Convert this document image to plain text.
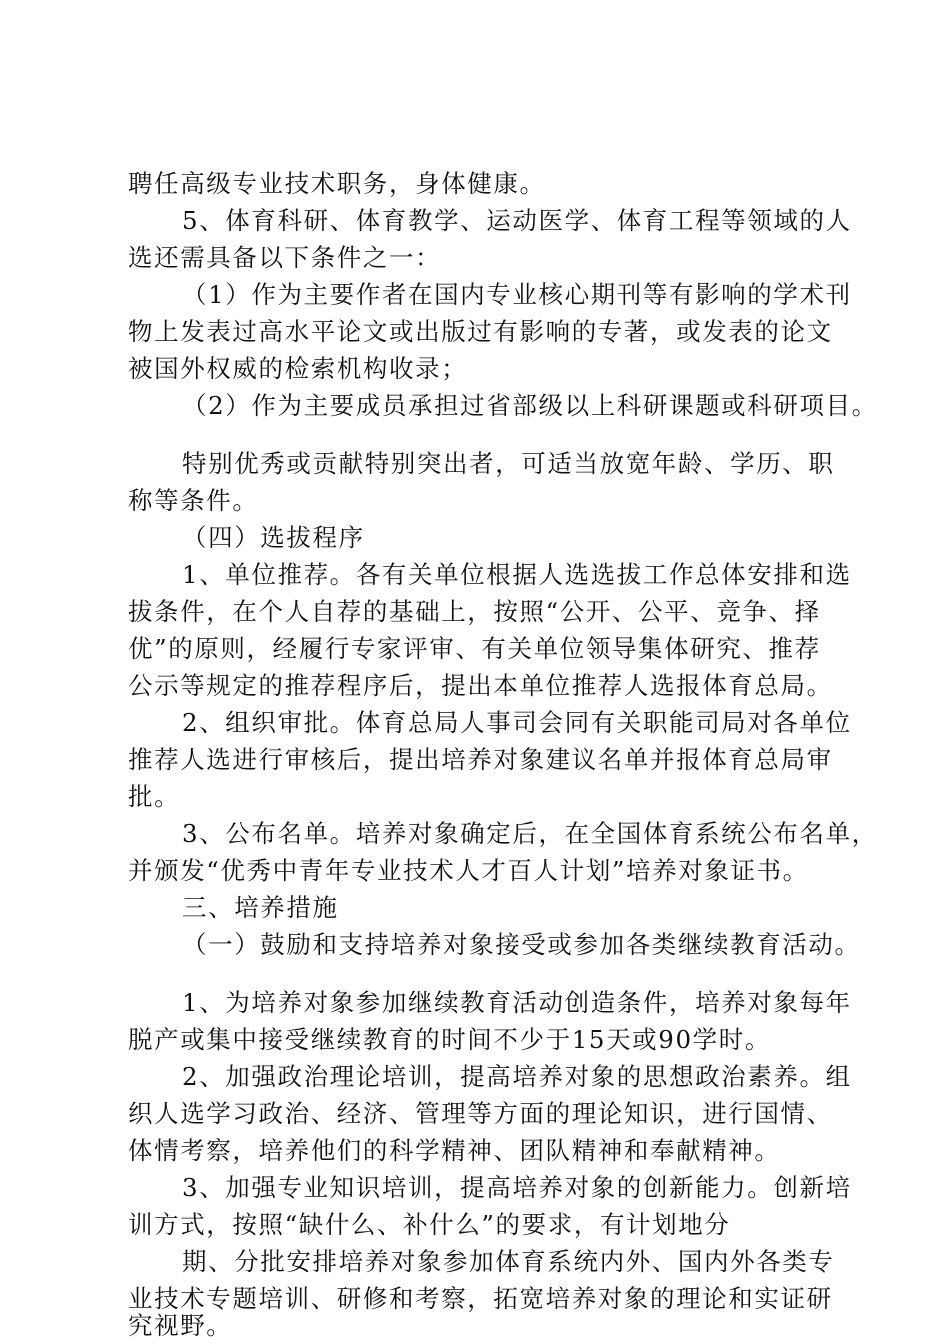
聘任高级专业技术职务，身体健康。
5、体育科研、体育教学、运动医学、体育工程等领域的人
选还需具备以下条件之一：
（1）作为主要作者在国内专业核心期刊等有影响的学术刊
物上发表过高水平论文或出版过有影响的专著，或发表的论文
被国外权威的检索机构收录；
（2）作为主要成员承担过省部级以上科研课题或科研项目。
特别优秀或贡献特别突出者，可适当放宽年龄、学历、职
称等条件。
（四）选拔程序
1、单位推荐。各有关单位根据人选选拔工作总体安排和选
拔条件，在个人自荐的基础上，按照“公开、公平、竞争、择
优”的原则，经履行专家评审、有关单位领导集体研究、推荐
公示等规定的推荐程序后，提出本单位推荐人选报体育总局。
2、组织审批。体育总局人事司会同有关职能司局对各单位
推荐人选进行审核后，提出培养对象建议名单并报体育总局审
批。
3、公布名单。培养对象确定后，在全国体育系统公布名单，
并颁发“优秀中青年专业技术人才百人计划”培养对象证书。
三、培养措施
（一）鼓励和支持培养对象接受或参加各类继续教育活动。
1、为培养对象参加继续教育活动创造条件，培养对象每年
脱产或集中接受继续教育的时间不少于15天或90学时。
2、加强政治理论培训，提高培养对象的思想政治素养。组
织人选学习政治、经济、管理等方面的理论知识，进行国情、
体情考察，培养他们的科学精神、团队精神和奉献精神。
3、加强专业知识培训，提高培养对象的创新能力。创新培
训方式，按照“缺什么、补什么”的要求，有计划地分
期、分批安排培养对象参加体育系统内外、国内外各类专
业技术专题培训、研修和考察，拓宽培养对象的理论和实证研
究视野。
